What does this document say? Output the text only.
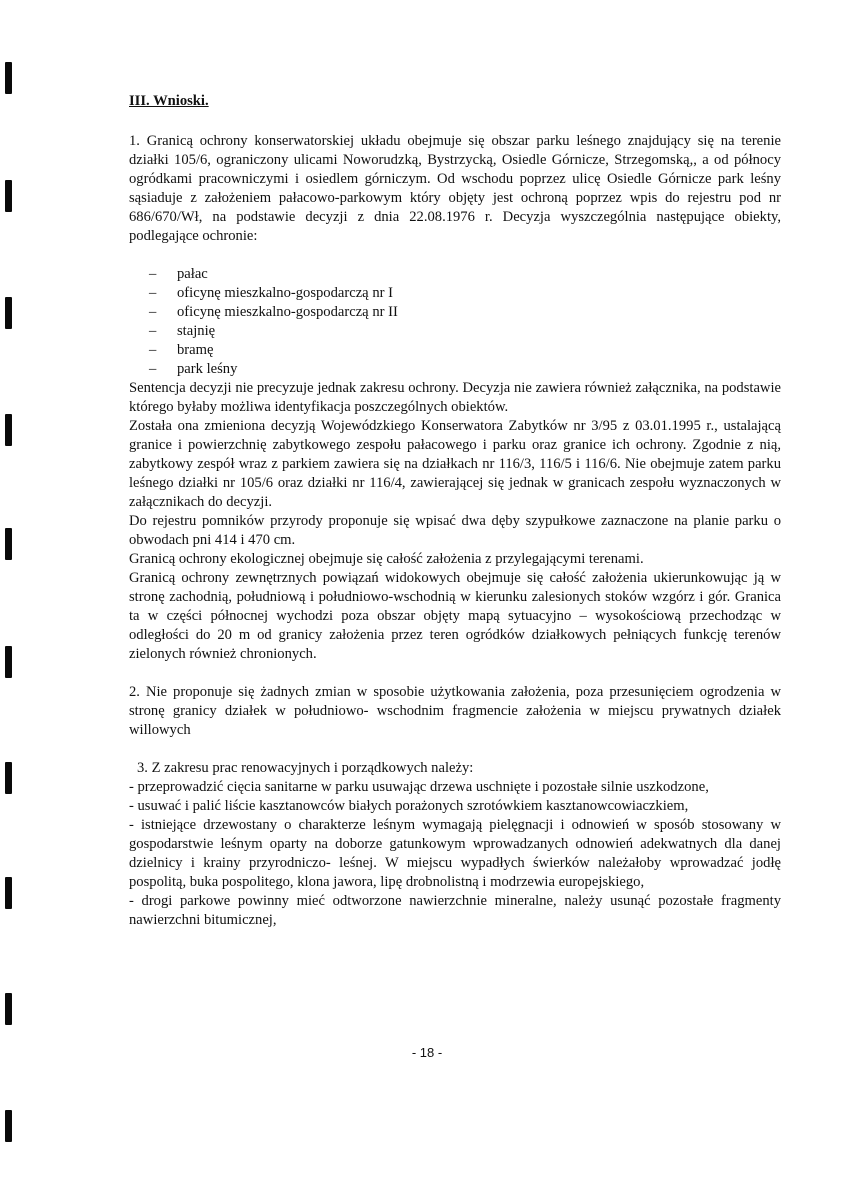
III. Wnioski.

1. Granicą ochrony konserwatorskiej układu obejmuje się obszar parku leśnego znajdujący się na terenie działki 105/6, ograniczony ulicami Noworudzką, Bystrzycką, Osiedle Górnicze, Strzegomską,, a od północy ogródkami pracowniczymi i osiedlem górniczym. Od wschodu poprzez ulicę Osiedle Górnicze park leśny sąsiaduje z założeniem pałacowo-parkowym który objęty jest ochroną poprzez wpis do rejestru pod nr 686/670/Wł, na podstawie decyzji z dnia 22.08.1976 r. Decyzja wyszczególnia następujące obiekty, podlegające ochronie:

– pałac
– oficynę mieszkalno-gospodarczą nr I
– oficynę mieszkalno-gospodarczą nr II
– stajnię
– bramę
– park leśny

Sentencja decyzji nie precyzuje jednak zakresu ochrony. Decyzja nie zawiera również załącznika, na podstawie którego byłaby możliwa identyfikacja poszczególnych obiektów.

Została ona zmieniona decyzją Wojewódzkiego Konserwatora Zabytków nr 3/95 z 03.01.1995 r., ustalającą granice i powierzchnię zabytkowego zespołu pałacowego i parku oraz granice ich ochrony. Zgodnie z nią, zabytkowy zespół wraz z parkiem zawiera się na działkach nr 116/3, 116/5 i 116/6. Nie obejmuje zatem parku leśnego działki nr 105/6 oraz działki nr 116/4, zawierającej się jednak w granicach zespołu wyznaczonych w załącznikach do decyzji.

Do rejestru pomników przyrody proponuje się wpisać dwa dęby szypułkowe zaznaczone na planie parku o obwodach pni 414 i 470 cm.

Granicą ochrony ekologicznej obejmuje się całość założenia z przylegającymi terenami.

Granicą ochrony zewnętrznych powiązań widokowych obejmuje się całość założenia ukierunkowując ją w stronę zachodnią, południową i południowo-wschodnią w kierunku zalesionych stoków wzgórz i gór. Granica ta w części północnej wychodzi poza obszar objęty mapą sytuacyjno – wysokościową przechodząc w odległości do 20 m od granicy założenia przez teren ogródków działkowych pełniących funkcję terenów zielonych również chronionych.

2. Nie proponuje się żadnych zmian w sposobie użytkowania założenia, poza przesunięciem ogrodzenia w stronę granicy działek w południowo- wschodnim fragmencie założenia w miejscu prywatnych działek willowych

3. Z zakresu prac renowacyjnych i porządkowych należy:

- przeprowadzić cięcia sanitarne w parku usuwając drzewa uschnięte i pozostałe silnie uszkodzone,

- usuwać i palić liście kasztanowców białych porażonych szrotówkiem kasztanowcowiaczkiem,

- istniejące drzewostany o charakterze leśnym wymagają pielęgnacji i odnowień w sposób stosowany w gospodarstwie leśnym oparty na doborze gatunkowym wprowadzanych odnowień adekwatnych dla danej dzielnicy i krainy przyrodniczo- leśnej. W miejscu wypadłych świerków należałoby wprowadzać jodłę pospolitą, buka pospolitego, klona jawora, lipę drobnolistną i modrzewia europejskiego,

- drogi parkowe powinny mieć odtworzone nawierzchnie mineralne, należy usunąć pozostałe fragmenty nawierzchni bitumicznej,

- 18 -
